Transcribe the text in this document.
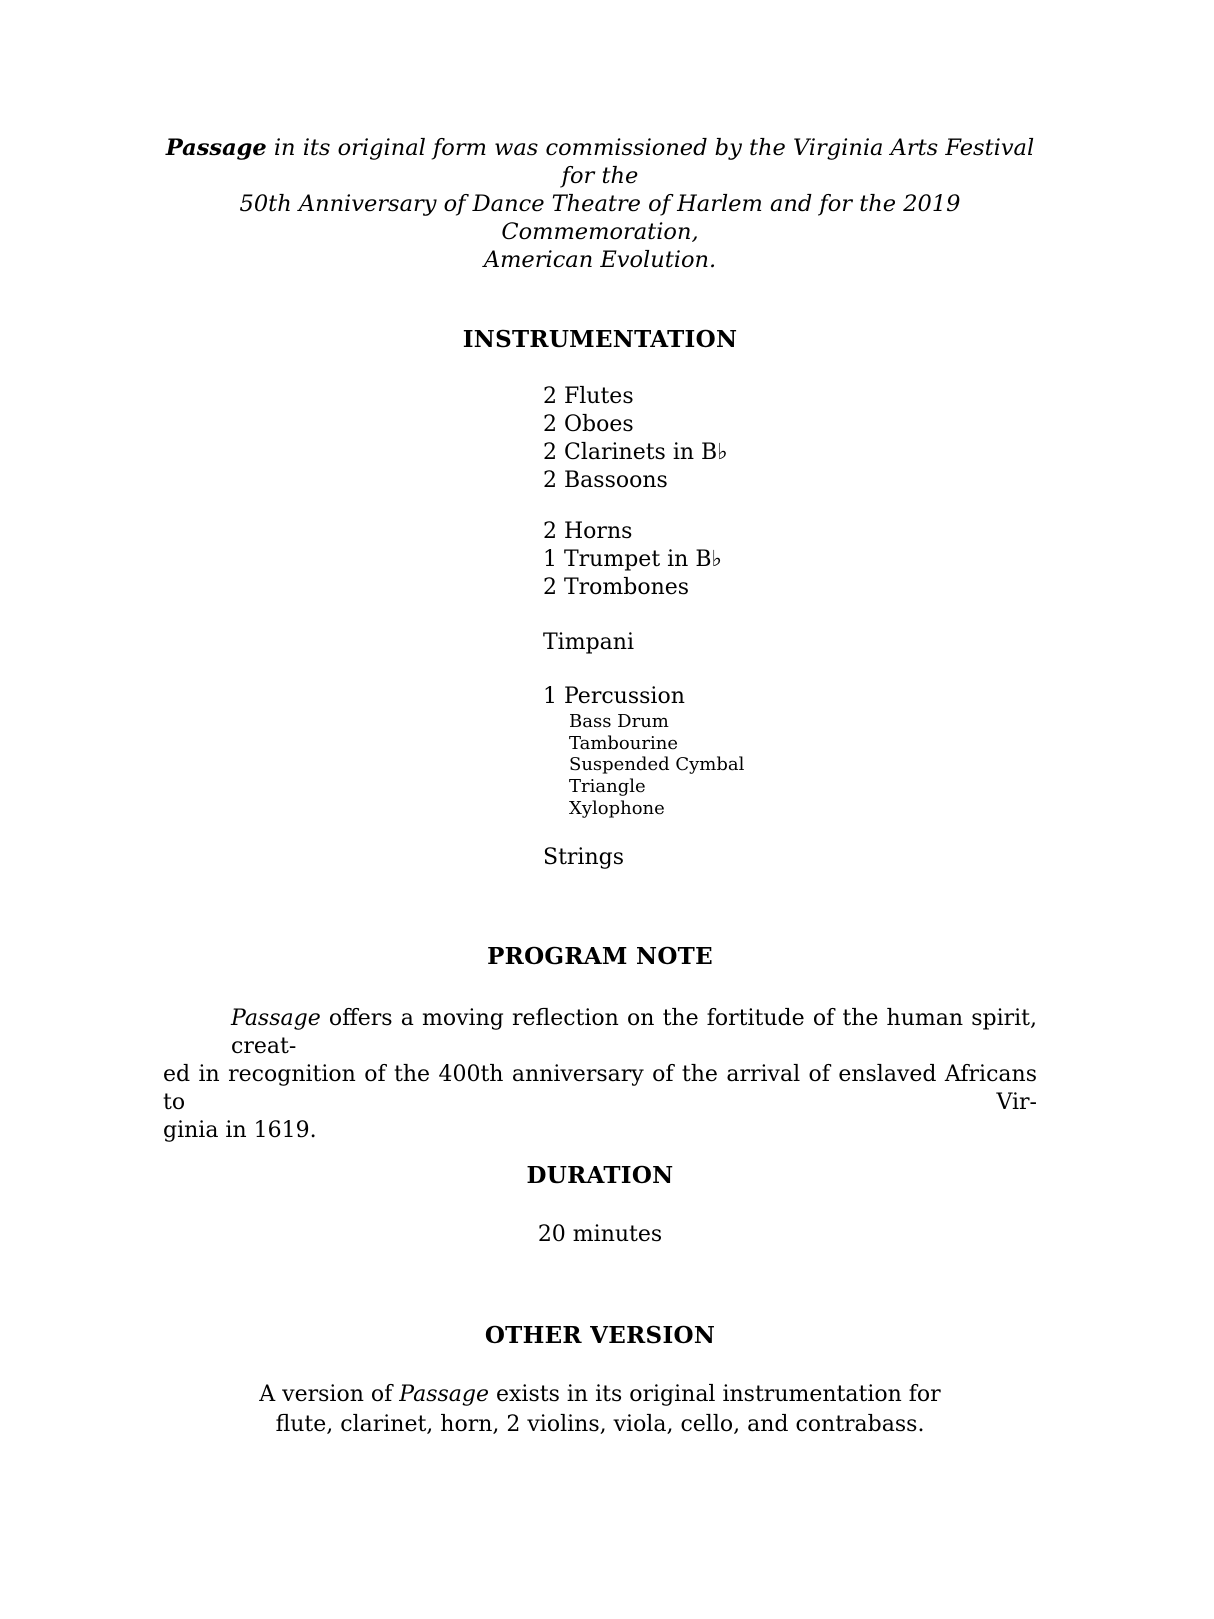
Passage in its original form was commissioned by the Virginia Arts Festival for the
50th Anniversary of Dance Theatre of Harlem and for the 2019 Commemoration,
American Evolution.
INSTRUMENTATION
2 Flutes
2 Oboes
2 Clarinets in B♭
2 Bassoons
2 Horns
1 Trumpet in B♭
2 Trombones
Timpani
1 Percussion
Bass Drum
Tambourine
Suspended Cymbal
Triangle
Xylophone
Strings
PROGRAM NOTE
Passage offers a moving reflection on the fortitude of the human spirit, creat-
ed in recognition of the 400th anniversary of the arrival of enslaved Africans to Vir-
ginia in 1619.
DURATION
20 minutes
OTHER VERSION
A version of Passage exists in its original instrumentation for
flute, clarinet, horn, 2 violins, viola, cello, and contrabass.
